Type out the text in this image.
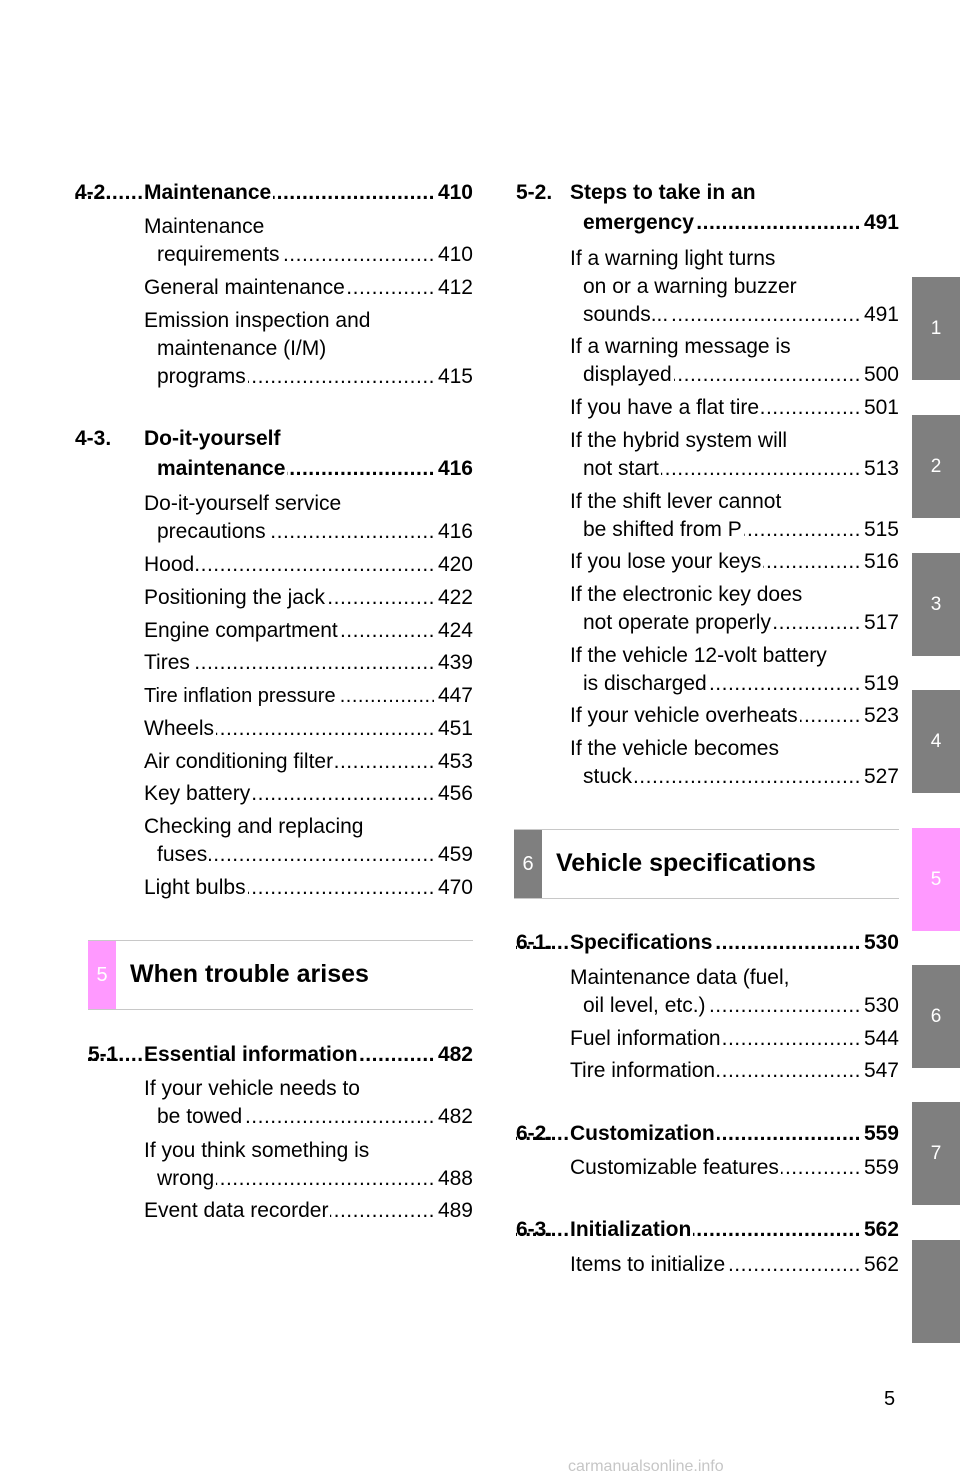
..... 4-2. Maintenance	410
Maintenance
..... requirements	410
..... General maintenance	412
Emission inspection and
maintenance (I/M)
..... programs	415
4-3. Do-it-yourself
..... maintenance	416
Do-it-yourself service
..... precautions	416
..... Hood	420
..... Positioning the jack	422
..... Engine compartment	424
..... Tires	439
..... Tire inflation pressure	447
..... Wheels	451
..... Air conditioning filter	453
..... Key battery	456
Checking and replacing
..... fuses	459
..... Light bulbs	470
5 When trouble arises
..... 5-1. Essential information	482
If your vehicle needs to
..... be towed	482
If you think something is
..... wrong	488
..... Event data recorder	489
5-2. Steps to take in an
..... emergency	491
If a warning light turns
on or a warning buzzer
..... sounds...	491
If a warning message is
..... displayed	500
..... If you have a flat tire	501
If the hybrid system will
..... not start	513
If the shift lever cannot
..... be shifted from P	515
..... If you lose your keys	516
If the electronic key does
..... not operate properly	517
If the vehicle 12-volt battery
..... is discharged	519
..... If your vehicle overheats	523
If the vehicle becomes
..... stuck	527
6 Vehicle specifications
..... 6-1. Specifications	530
Maintenance data (fuel,
..... oil level, etc.)	530
..... Fuel information	544
..... Tire information	547
..... 6-2. Customization	559
..... Customizable features	559
..... 6-3. Initialization	562
..... Items to initialize	562
1
2
3
4
5
6
7
5
carmanualsonline.info
